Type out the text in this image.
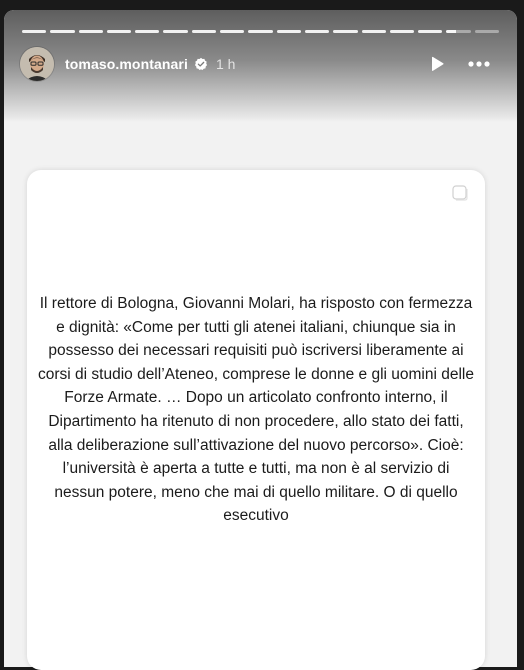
tomaso.montanari 1 h

Il rettore di Bologna, Giovanni Molari, ha risposto con fermezza e dignità: «Come per tutti gli atenei italiani, chiunque sia in possesso dei necessari requisiti può iscriversi liberamente ai corsi di studio dell’Ateneo, comprese le donne e gli uomini delle Forze Armate. … Dopo un articolato confronto interno, il Dipartimento ha ritenuto di non procedere, allo stato dei fatti, alla deliberazione sull’attivazione del nuovo percorso». Cioè: l’università è aperta a tutte e tutti, ma non è al servizio di nessun potere, meno che mai di quello militare. O di quello esecutivo
